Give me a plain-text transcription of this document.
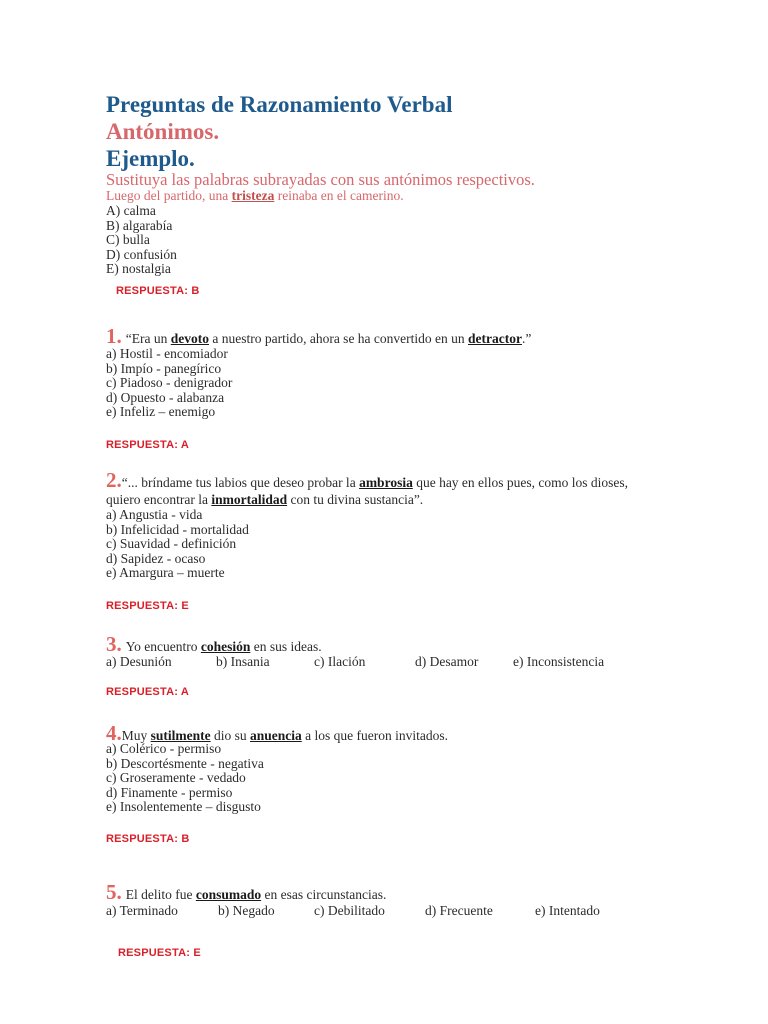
Preguntas de Razonamiento Verbal
Antónimos.
Ejemplo.
Sustituya las palabras subrayadas con sus antónimos respectivos.
Luego del partido, una tristeza reinaba en el camerino.
A) calma
B) algarabía
C) bulla
D) confusión
E) nostalgia
RESPUESTA: B
1. “Era un devoto a nuestro partido, ahora se ha convertido en un detractor.”
a) Hostil - encomiador
b) Impío - panegírico
c) Piadoso - denigrador
d) Opuesto - alabanza
e) Infeliz – enemigo
RESPUESTA: A
2.“... bríndame tus labios que deseo probar la ambrosia que hay en ellos pues, como los dioses,
quiero encontrar la inmortalidad con tu divina sustancia”.
a) Angustia - vida
b) Infelicidad - mortalidad
c) Suavidad - definición
d) Sapidez - ocaso
e) Amargura – muerte
RESPUESTA: E
3. Yo encuentro cohesión en sus ideas.
a) Desunión	b) Insania	c) Ilación	d) Desamor	e) Inconsistencia
RESPUESTA: A
4.Muy sutilmente dio su anuencia a los que fueron invitados.
a) Colérico - permiso
b) Descortésmente - negativa
c) Groseramente - vedado
d) Finamente - permiso
e) Insolentemente – disgusto
RESPUESTA: B
5. El delito fue consumado en esas circunstancias.
a) Terminado	b) Negado	c) Debilitado	d) Frecuente	e) Intentado
RESPUESTA: E
